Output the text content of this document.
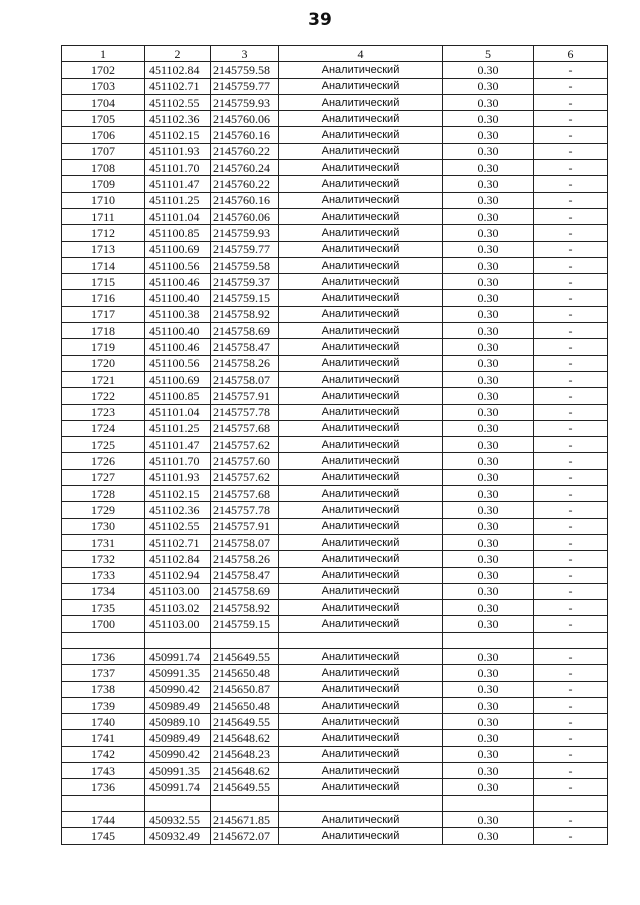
39
1	2	3	4	5	6
1702	451102.84	2145759.58	Аналитический	0.30	-
1703	451102.71	2145759.77	Аналитический	0.30	-
1704	451102.55	2145759.93	Аналитический	0.30	-
1705	451102.36	2145760.06	Аналитический	0.30	-
1706	451102.15	2145760.16	Аналитический	0.30	-
1707	451101.93	2145760.22	Аналитический	0.30	-
1708	451101.70	2145760.24	Аналитический	0.30	-
1709	451101.47	2145760.22	Аналитический	0.30	-
1710	451101.25	2145760.16	Аналитический	0.30	-
1711	451101.04	2145760.06	Аналитический	0.30	-
1712	451100.85	2145759.93	Аналитический	0.30	-
1713	451100.69	2145759.77	Аналитический	0.30	-
1714	451100.56	2145759.58	Аналитический	0.30	-
1715	451100.46	2145759.37	Аналитический	0.30	-
1716	451100.40	2145759.15	Аналитический	0.30	-
1717	451100.38	2145758.92	Аналитический	0.30	-
1718	451100.40	2145758.69	Аналитический	0.30	-
1719	451100.46	2145758.47	Аналитический	0.30	-
1720	451100.56	2145758.26	Аналитический	0.30	-
1721	451100.69	2145758.07	Аналитический	0.30	-
1722	451100.85	2145757.91	Аналитический	0.30	-
1723	451101.04	2145757.78	Аналитический	0.30	-
1724	451101.25	2145757.68	Аналитический	0.30	-
1725	451101.47	2145757.62	Аналитический	0.30	-
1726	451101.70	2145757.60	Аналитический	0.30	-
1727	451101.93	2145757.62	Аналитический	0.30	-
1728	451102.15	2145757.68	Аналитический	0.30	-
1729	451102.36	2145757.78	Аналитический	0.30	-
1730	451102.55	2145757.91	Аналитический	0.30	-
1731	451102.71	2145758.07	Аналитический	0.30	-
1732	451102.84	2145758.26	Аналитический	0.30	-
1733	451102.94	2145758.47	Аналитический	0.30	-
1734	451103.00	2145758.69	Аналитический	0.30	-
1735	451103.02	2145758.92	Аналитический	0.30	-
1700	451103.00	2145759.15	Аналитический	0.30	-

1736	450991.74	2145649.55	Аналитический	0.30	-
1737	450991.35	2145650.48	Аналитический	0.30	-
1738	450990.42	2145650.87	Аналитический	0.30	-
1739	450989.49	2145650.48	Аналитический	0.30	-
1740	450989.10	2145649.55	Аналитический	0.30	-
1741	450989.49	2145648.62	Аналитический	0.30	-
1742	450990.42	2145648.23	Аналитический	0.30	-
1743	450991.35	2145648.62	Аналитический	0.30	-
1736	450991.74	2145649.55	Аналитический	0.30	-

1744	450932.55	2145671.85	Аналитический	0.30	-
1745	450932.49	2145672.07	Аналитический	0.30	-
